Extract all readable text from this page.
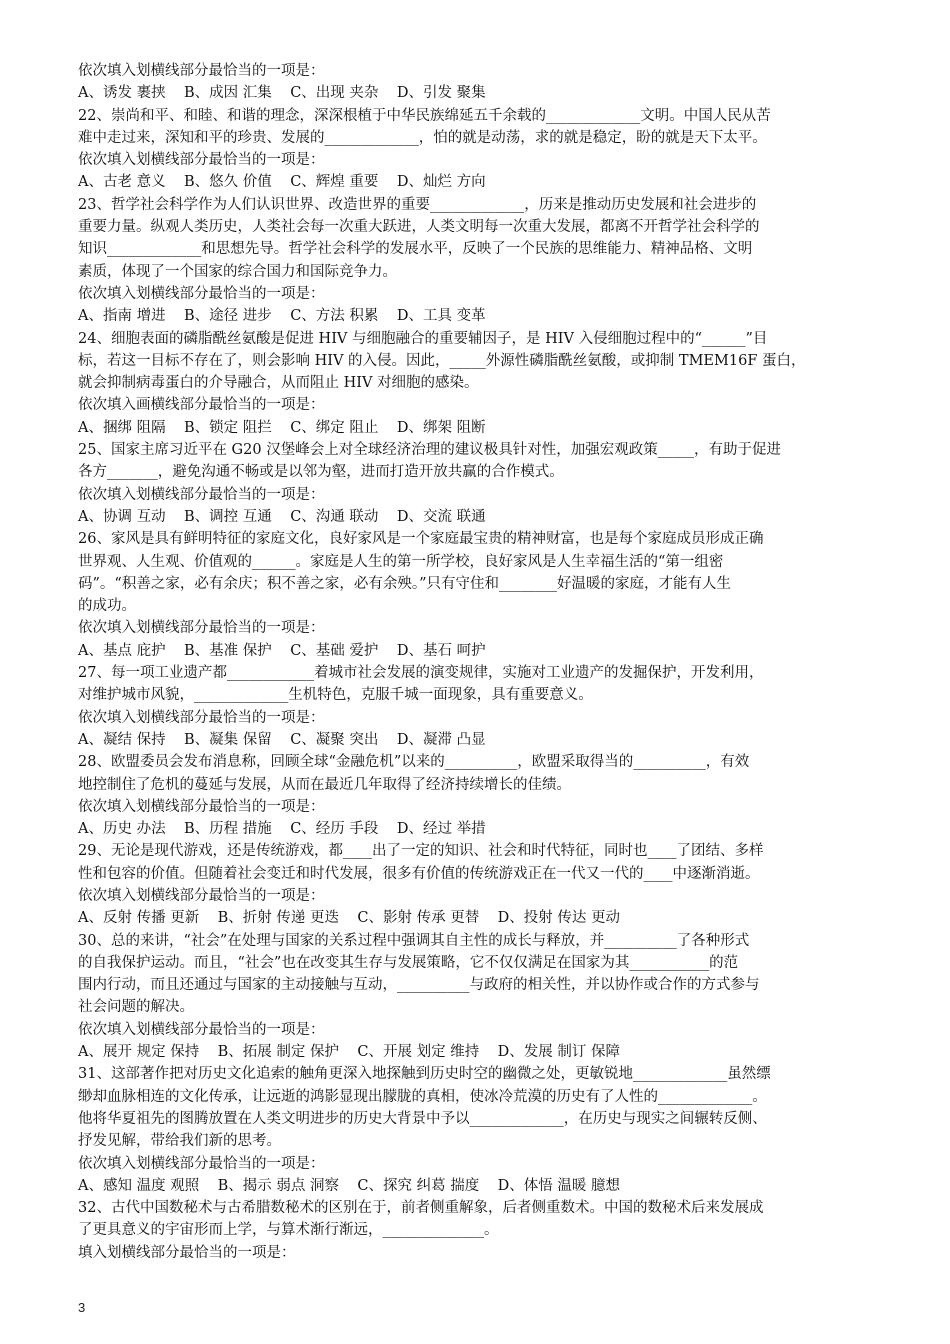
依次填入划横线部分最恰当的一项是：
A、诱发 裹挟    B、成因 汇集    C、出现 夹杂    D、引发 聚集
22、崇尚和平、和睦、和谐的理念，深深根植于中华民族绵延五千余载的_____________文明。中国人民从苦
难中走过来，深知和平的珍贵、发展的_____________，怕的就是动荡，求的就是稳定，盼的就是天下太平。
依次填入划横线部分最恰当的一项是：
A、古老 意义    B、悠久 价值    C、辉煌 重要    D、灿烂 方向
23、哲学社会科学作为人们认识世界、改造世界的重要_____________，历来是推动历史发展和社会进步的
重要力量。纵观人类历史，人类社会每一次重大跃进，人类文明每一次重大发展，都离不开哲学社会科学的
知识_____________和思想先导。哲学社会科学的发展水平，反映了一个民族的思维能力、精神品格、文明
素质，体现了一个国家的综合国力和国际竞争力。
依次填入划横线部分最恰当的一项是：
A、指南 增进    B、途径 进步    C、方法 积累    D、工具 变革
24、细胞表面的磷脂酰丝氨酸是促进 HIV 与细胞融合的重要辅因子，是 HIV 入侵细胞过程中的“______”目
标，若这一目标不存在了，则会影响 HIV 的入侵。因此，_____外源性磷脂酰丝氨酸，或抑制 TMEM16F 蛋白，
就会抑制病毒蛋白的介导融合，从而阻止 HIV 对细胞的感染。
依次填入画横线部分最恰当的一项是：
A、捆绑 阻隔    B、锁定 阻拦    C、绑定 阻止    D、绑架 阻断
25、国家主席习近平在 G20 汉堡峰会上对全球经济治理的建议极具针对性，加强宏观政策_____，有助于促进
各方_______，避免沟通不畅或是以邻为壑，进而打造开放共赢的合作模式。
依次填入划横线部分最恰当的一项是：
A、协调 互动    B、调控 互通    C、沟通 联动    D、交流 联通
26、家风是具有鲜明特征的家庭文化，良好家风是一个家庭最宝贵的精神财富，也是每个家庭成员形成正确
世界观、人生观、价值观的______。家庭是人生的第一所学校，良好家风是人生幸福生活的“第一组密
码”。“积善之家，必有余庆；积不善之家，必有余殃。”只有守住和________好温暖的家庭，才能有人生
的成功。
依次填入划横线部分最恰当的一项是：
A、基点 庇护    B、基准 保护    C、基础 爱护    D、基石 呵护
27、每一项工业遗产都____________着城市社会发展的演变规律，实施对工业遗产的发掘保护，开发利用，
对维护城市风貌，_____________生机特色，克服千城一面现象，具有重要意义。
依次填入划横线部分最恰当的一项是：
A、凝结 保持    B、凝集 保留    C、凝聚 突出    D、凝滞 凸显
28、欧盟委员会发布消息称，回顾全球“金融危机”以来的__________，欧盟采取得当的__________，有效
地控制住了危机的蔓延与发展，从而在最近几年取得了经济持续增长的佳绩。
依次填入划横线部分最恰当的一项是：
A、历史 办法    B、历程 措施    C、经历 手段    D、经过 举措
29、无论是现代游戏，还是传统游戏，都____出了一定的知识、社会和时代特征，同时也____了团结、多样
性和包容的价值。但随着社会变迁和时代发展，很多有价值的传统游戏正在一代又一代的____中逐渐消逝。
依次填入划横线部分最恰当的一项是：
A、反射 传播 更新    B、折射 传递 更迭    C、影射 传承 更替    D、投射 传达 更动
30、总的来讲，“社会”在处理与国家的关系过程中强调其自主性的成长与释放，并__________了各种形式
的自我保护运动。而且，“社会”也在改变其生存与发展策略，它不仅仅满足在国家为其___________的范
围内行动，而且还通过与国家的主动接触与互动，__________与政府的相关性，并以协作或合作的方式参与
社会问题的解决。
依次填入划横线部分最恰当的一项是：
A、展开 规定 保持    B、拓展 制定 保护    C、开展 划定 维持    D、发展 制订 保障
31、这部著作把对历史文化追索的触角更深入地探触到历史时空的幽微之处，更敏锐地_____________虽然缥
缈却血脉相连的文化传承，让远逝的鸿影显现出朦胧的真相，使冰冷荒漠的历史有了人性的_____________。
他将华夏祖先的图腾放置在人类文明进步的历史大背景中予以_____________，在历史与现实之间辗转反侧、
抒发见解，带给我们新的思考。
依次填入划横线部分最恰当的一项是：
A、感知 温度 观照    B、揭示 弱点 洞察    C、探究 纠葛 揣度    D、体悟 温暖 臆想
32、古代中国数秘术与古希腊数秘术的区别在于，前者侧重解象，后者侧重数术。中国的数秘术后来发展成
了更具意义的宇宙形而上学，与算术渐行渐远，______________。
填入划横线部分最恰当的一项是：
3
